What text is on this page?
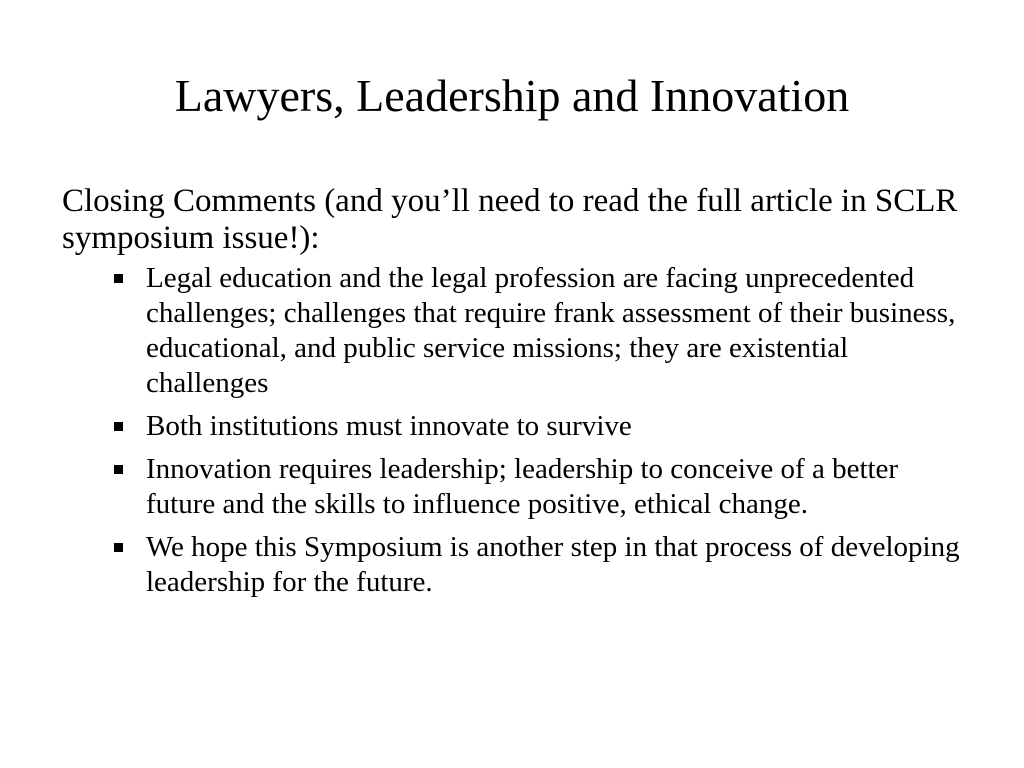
Lawyers, Leadership and Innovation

Closing Comments (and you’ll need to read the full article in SCLR symposium issue!):

Legal education and the legal profession are facing unprecedented challenges; challenges that require frank assessment of their business, educational, and public service missions; they are existential challenges
Both institutions must innovate to survive
Innovation requires leadership; leadership to conceive of a better future and the skills to influence positive, ethical change.
We hope this Symposium is another step in that process of developing leadership for the future.
